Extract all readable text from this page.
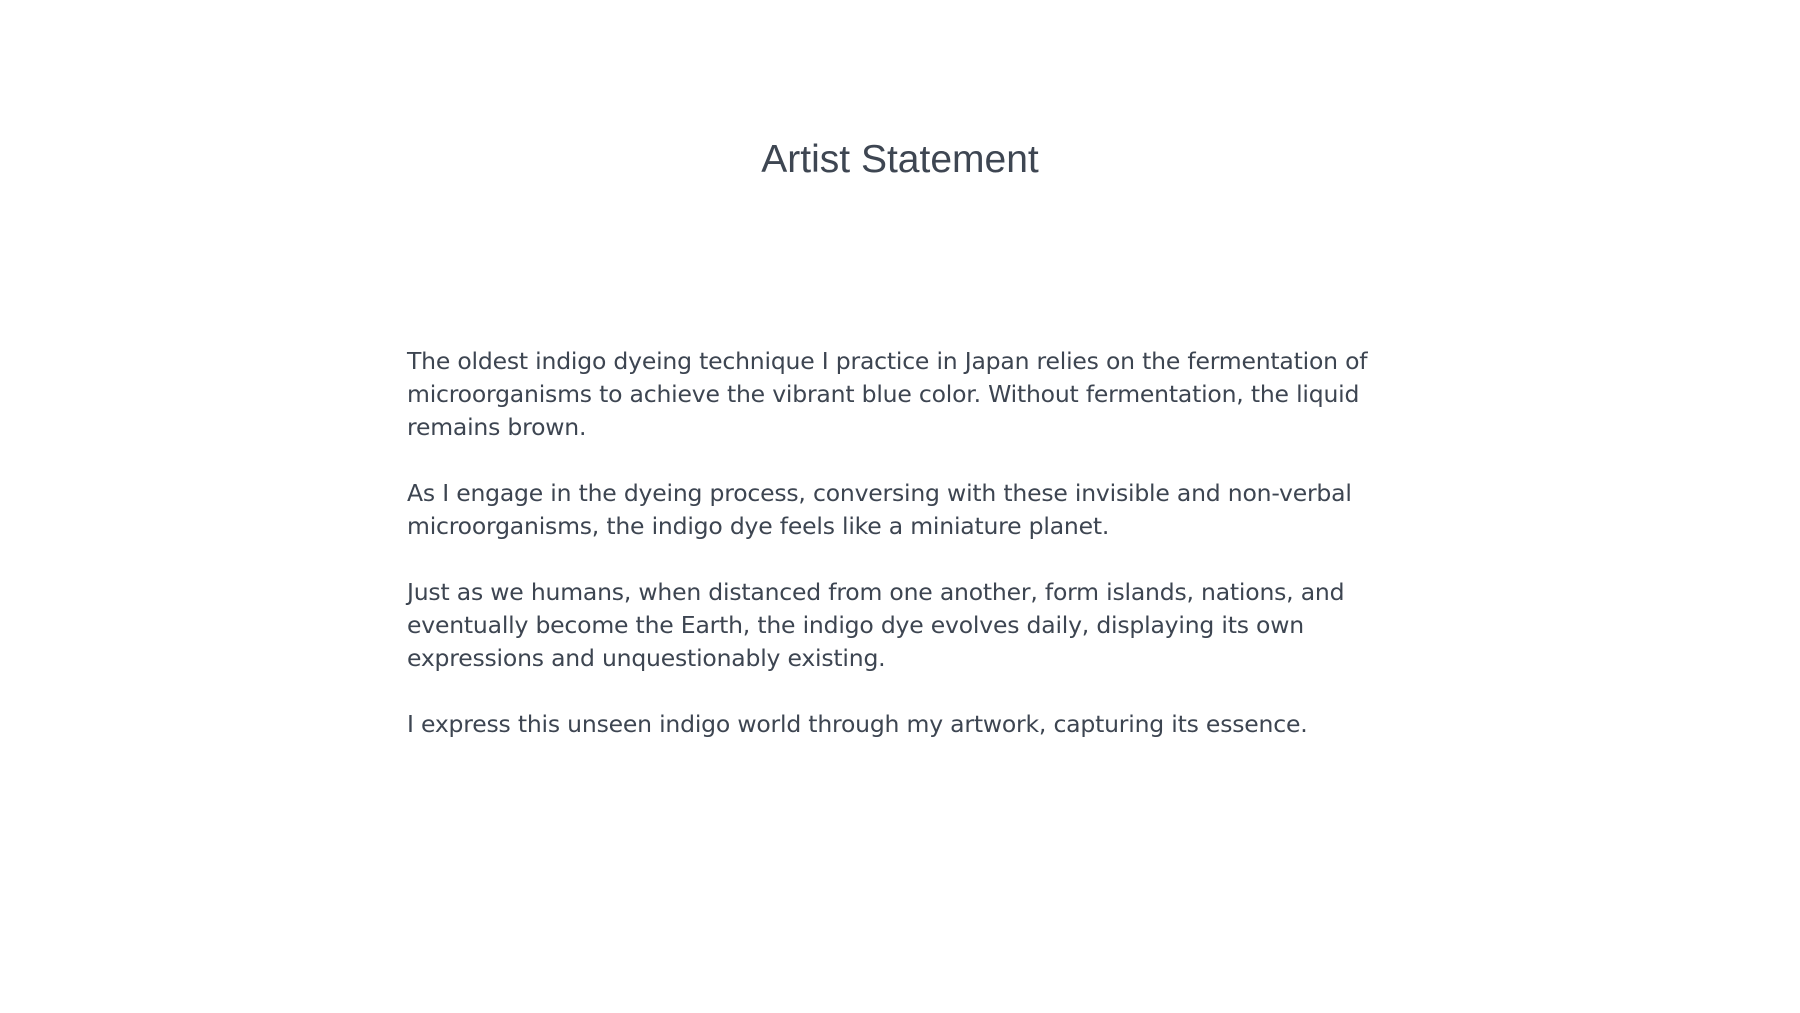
Artist Statement

The oldest indigo dyeing technique I practice in Japan relies on the fermentation of microorganisms to achieve the vibrant blue color. Without fermentation, the liquid remains brown.

As I engage in the dyeing process, conversing with these invisible and non-verbal microorganisms, the indigo dye feels like a miniature planet.

Just as we humans, when distanced from one another, form islands, nations, and eventually become the Earth, the indigo dye evolves daily, displaying its own expressions and unquestionably existing.

I express this unseen indigo world through my artwork, capturing its essence.
